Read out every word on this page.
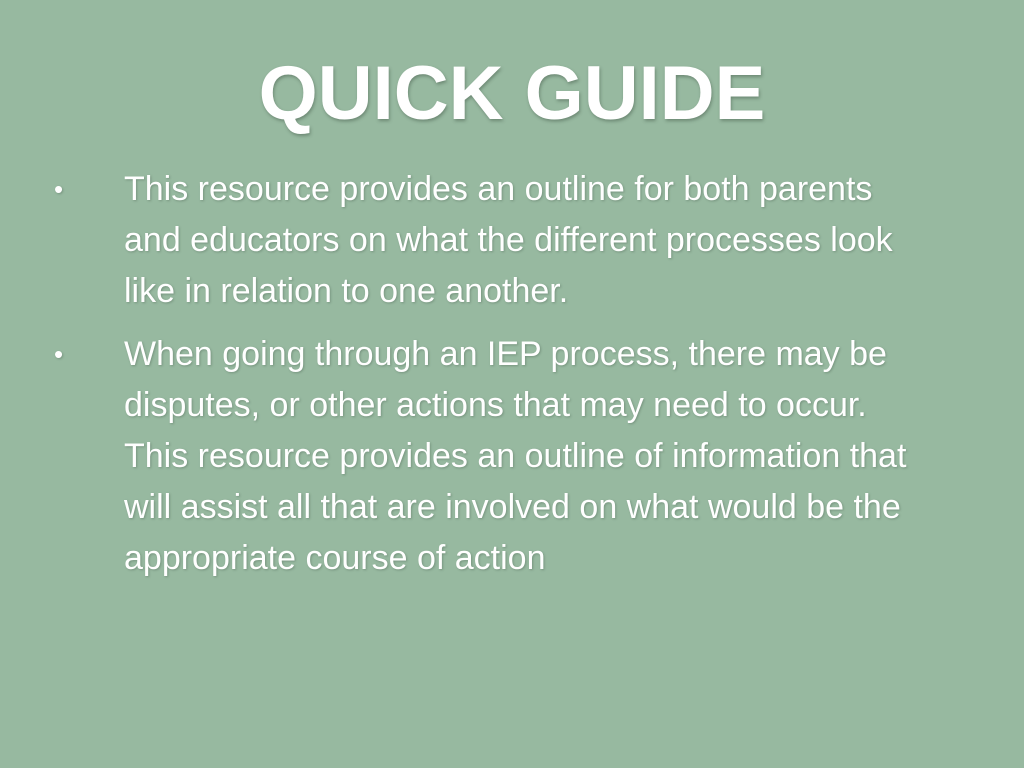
QUICK GUIDE
• This resource provides an outline for both parents and educators on what the different processes look like in relation to one another.
• When going through an IEP process, there may be disputes, or other actions that may need to occur.  This resource provides an outline of information that will assist all that are involved on what would be the appropriate course of action
